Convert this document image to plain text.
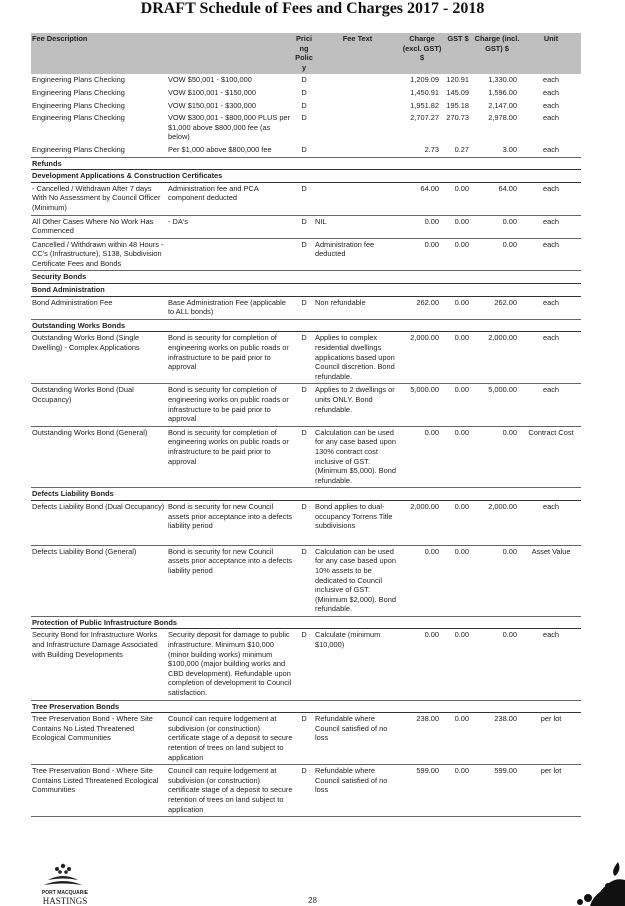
DRAFT Schedule of Fees and Charges 2017 - 2018
Fee Description		Pricing Policy	Fee Text	Charge (excl. GST) $	GST $	Charge (incl. GST) $	Unit
Engineering Plans Checking	VOW $50,001 - $100,000	D		1,209.09	120.91	1,330.00	each
Engineering Plans Checking	VOW $100,001 - $150,000	D		1,450.91	145.09	1,596.00	each
Engineering Plans Checking	VOW $150,001 - $300,000	D		1,951.82	195.18	2,147.00	each
Engineering Plans Checking	VOW $300,001 - $800,000 PLUS per $1,000 above $800,000 fee (as below)	D		2,707.27	270.73	2,978.00	each
Engineering Plans Checking	Per $1,000 above $800,000 fee	D		2.73	0.27	3.00	each
Refunds							
Development Applications & Construction Certificates							
- Cancelled / Withdrawn After 7 days With No Assessment by Council Officer (Minimum)	Administration fee and PCA component deducted	D		64.00	0.00	64.00	each
All Other Cases Where No Work Has Commenced	- DA's	D	NIL	0.00	0.00	0.00	each
Cancelled / Withdrawn within 48 Hours - CC's (Infrastructure), S138, Subdivision Certificate Fees and Bonds		D	Administration fee deducted	0.00	0.00	0.00	each
Security Bonds							
Bond Administration							
Bond Administration Fee	Base Administration Fee (applicable to ALL bonds)	D	Non refundable	262.00	0.00	262.00	each
Outstanding Works Bonds							
Outstanding Works Bond (Single Dwelling) - Complex Applications	Bond is security for completion of engineering works on public roads or infrastructure to be paid prior to approval	D	Applies to complex residential dwellings applications based upon Council discretion. Bond refundable.	2,000.00	0.00	2,000.00	each
Outstanding Works Bond (Dual Occupancy)	Bond is security for completion of engineering works on public roads or infrastructure to be paid prior to approval	D	Applies to 2 dwellings or units ONLY. Bond refundable.	5,000.00	0.00	5,000.00	each
Outstanding Works Bond (General)	Bond is security for completion of engineering works on public roads or infrastructure to be paid prior to approval	D	Calculation can be used for any case based upon 130% contract cost inclusive of GST. (Minimum $5,000). Bond refundable.	0.00	0.00	0.00	Contract Cost
Defects Liability Bonds							
Defects Liability Bond (Dual Occupancy)	Bond is security for new Council assets prior acceptance into a defects liability period	D	Bond applies to dual-occupancy Torrens Title subdivisions	2,000.00	0.00	2,000.00	each
Defects Liability Bond (General)	Bond is security for new Council assets prior acceptance into a defects liability period	D	Calculation can be used for any case based upon 10% assets to be dedicated to Council inclusive of GST. (Minimum $2,000). Bond refundable.	0.00	0.00	0.00	Asset Value
Protection of Public Infrastructure Bonds							
Security Bond for Infrastructure Works and Infrastructure Damage Associated with Building Developments	Security deposit for damage to public infrastructure. Minimum $10,000 (minor building works) minimum $100,000 (major building works and CBD development). Refundable upon completion of development to Council satisfaction.	D	Calculate (minimum $10,000)	0.00	0.00	0.00	each
Tree Preservation Bonds							
Tree Preservation Bond - Where Site Contains No Listed Threatened Ecological Communities	Council can require lodgement at subdivision (or construction) certificate stage of a deposit to secure retention of trees on land subject to application	D	Refundable where Council satisfied of no loss	238.00	0.00	238.00	per lot
Tree Preservation Bond - Where Site Contains Listed Threatened Ecological Communities	Council can require lodgement at subdivision (or construction) certificate stage of a deposit to secure retention of trees on land subject to application	D	Refundable where Council satisfied of no loss	599.00	0.00	599.00	per lot
PORT MACQUARIE
HASTINGS	28
